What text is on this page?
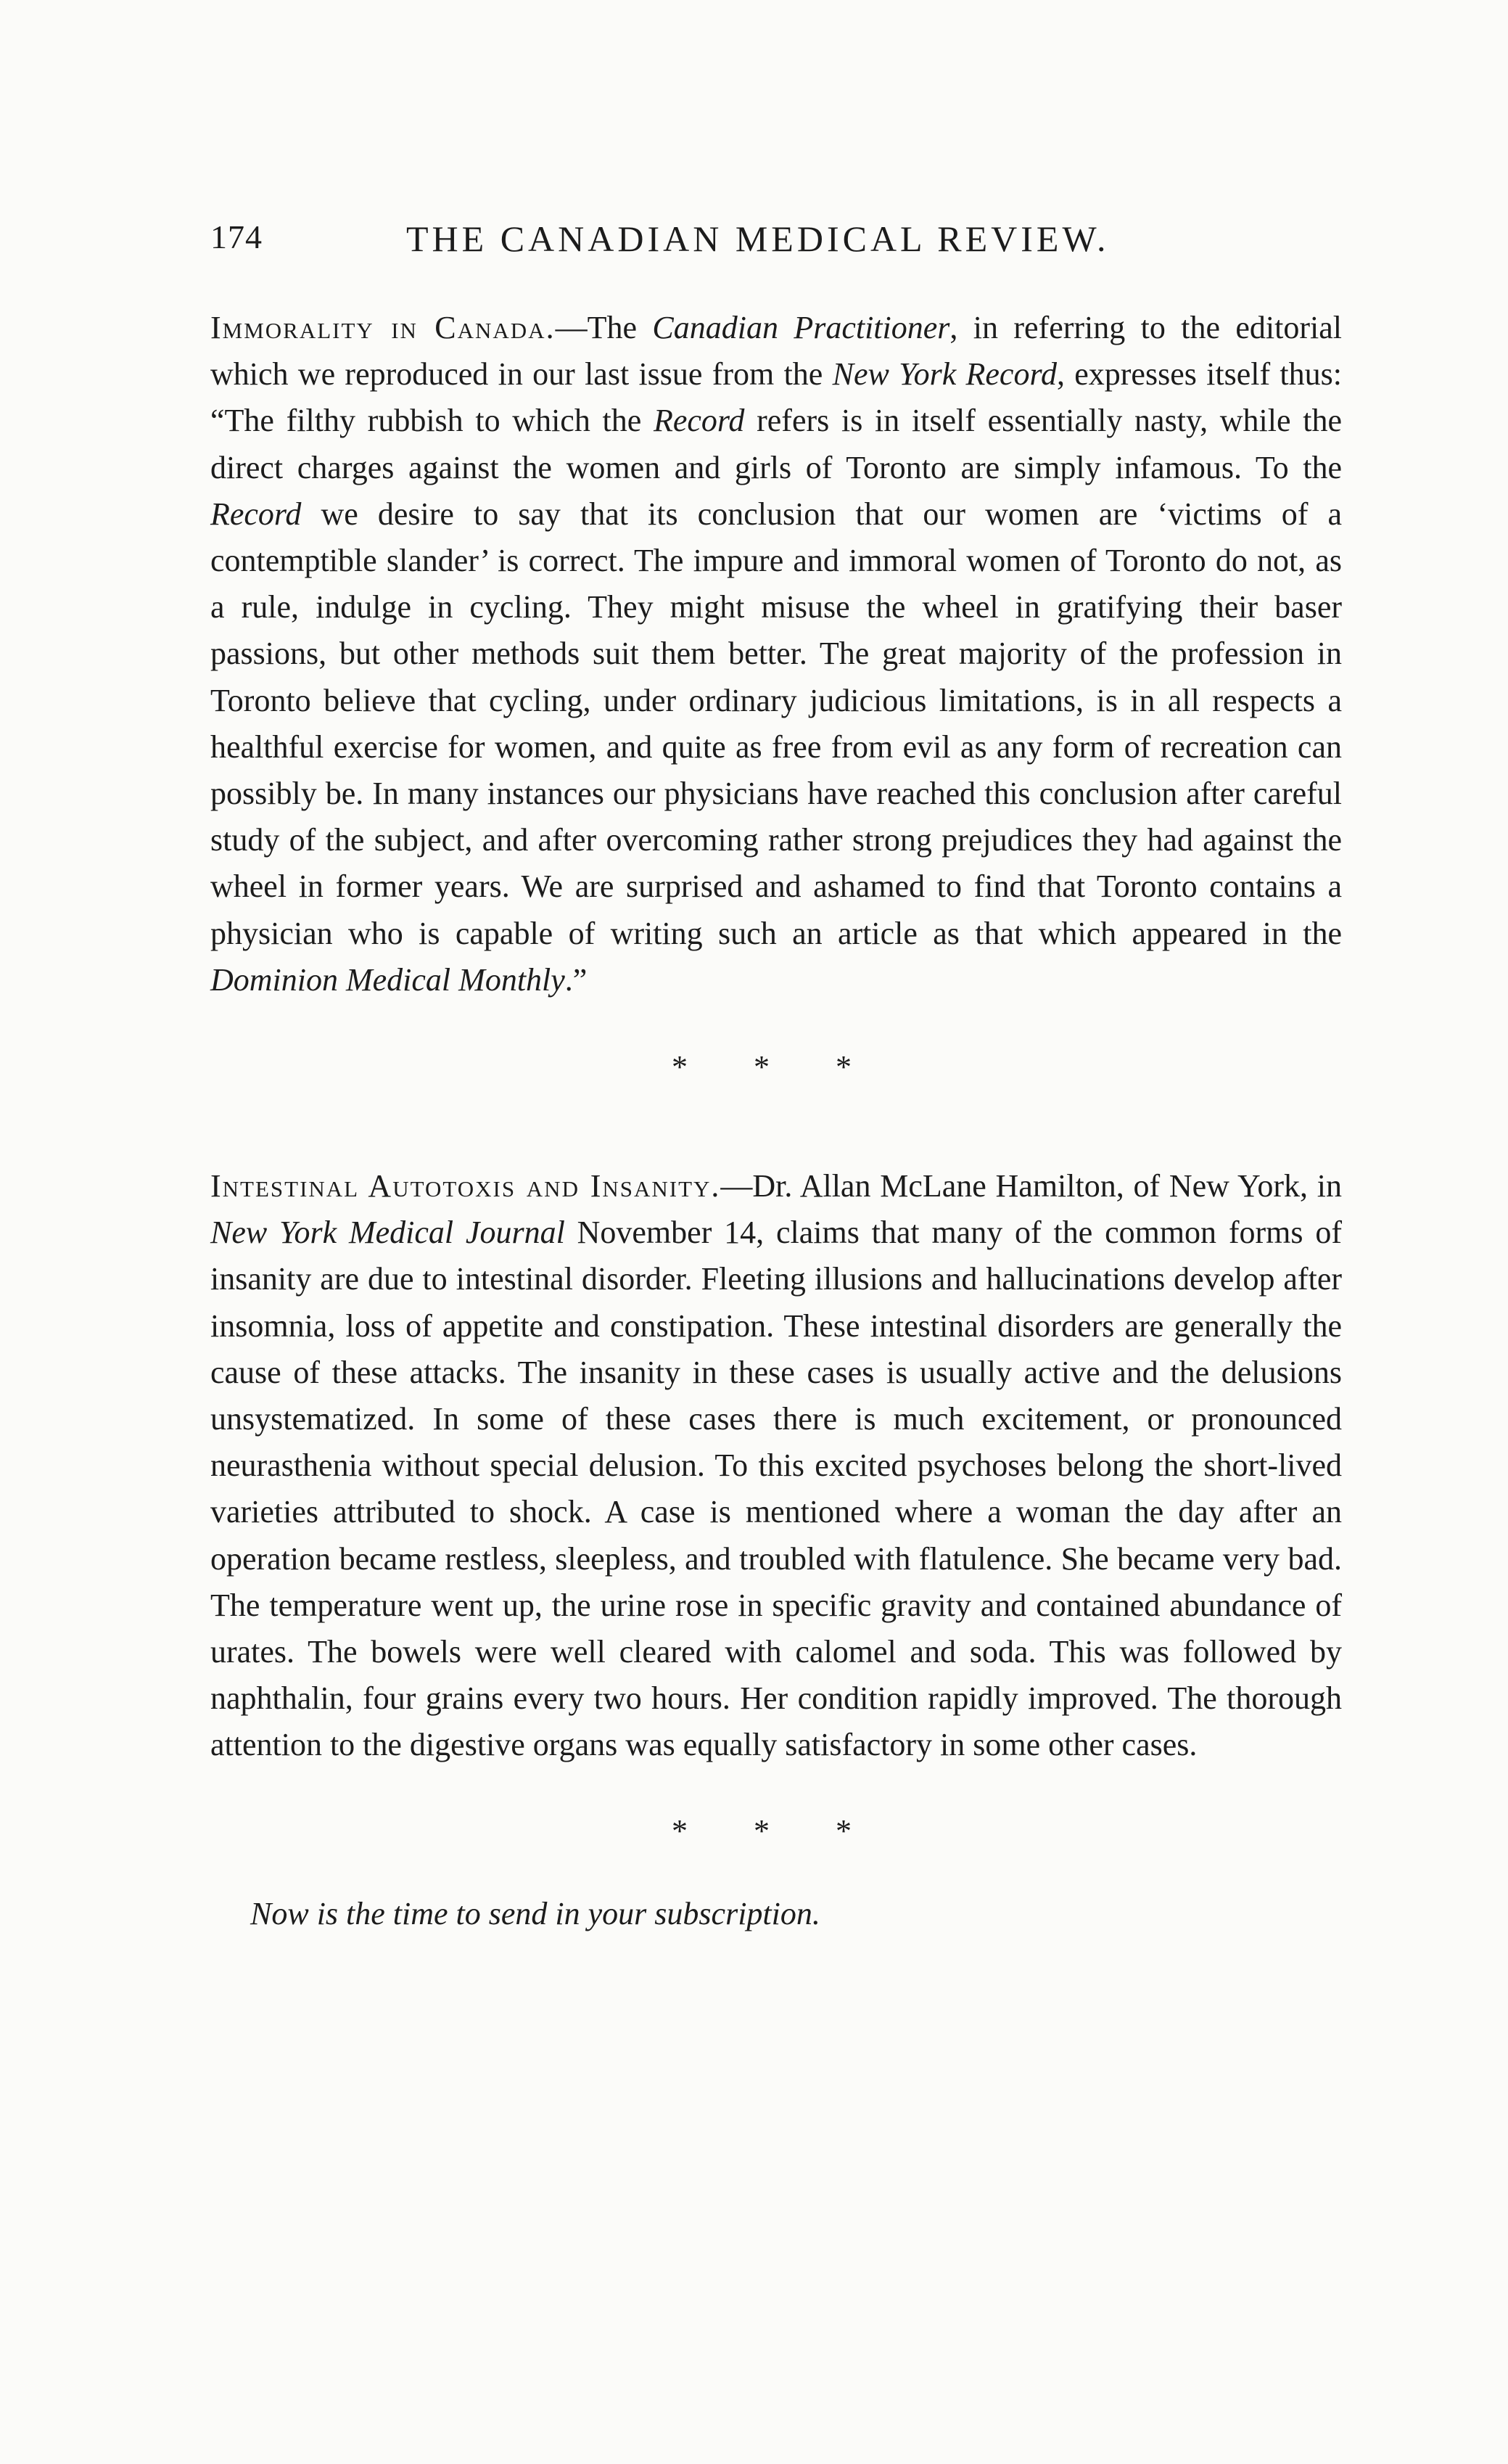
174	THE CANADIAN MEDICAL REVIEW.

Immorality in Canada.—The Canadian Practitioner, in referring to the editorial which we reproduced in our last issue from the New York Record, expresses itself thus: “The filthy rubbish to which the Record refers is in itself essentially nasty, while the direct charges against the women and girls of Toronto are simply infamous. To the Record we desire to say that its conclusion that our women are ‘victims of a contemptible slander’ is correct. The impure and immoral women of Toronto do not, as a rule, indulge in cycling. They might misuse the wheel in gratifying their baser passions, but other methods suit them better. The great majority of the profession in Toronto believe that cycling, under ordinary judicious limitations, is in all respects a healthful exercise for women, and quite as free from evil as any form of recreation can possibly be. In many instances our physicians have reached this conclusion after careful study of the subject, and after overcoming rather strong prejudices they had against the wheel in former years. We are surprised and ashamed to find that Toronto contains a physician who is capable of writing such an article as that which appeared in the Dominion Medical Monthly.”

* * *

Intestinal Autotoxis and Insanity.—Dr. Allan McLane Hamilton, of New York, in New York Medical Journal November 14, claims that many of the common forms of insanity are due to intestinal disorder. Fleeting illusions and hallucinations develop after insomnia, loss of appetite and constipation. These intestinal disorders are generally the cause of these attacks. The insanity in these cases is usually active and the delusions unsystematized. In some of these cases there is much excitement, or pronounced neurasthenia without special delusion. To this excited psychoses belong the short-lived varieties attributed to shock. A case is mentioned where a woman the day after an operation became restless, sleepless, and troubled with flatulence. She became very bad. The temperature went up, the urine rose in specific gravity and contained abundance of urates. The bowels were well cleared with calomel and soda. This was followed by naphthalin, four grains every two hours. Her condition rapidly improved. The thorough attention to the digestive organs was equally satisfactory in some other cases.

* * *
Now is the time to send in your subscription.
